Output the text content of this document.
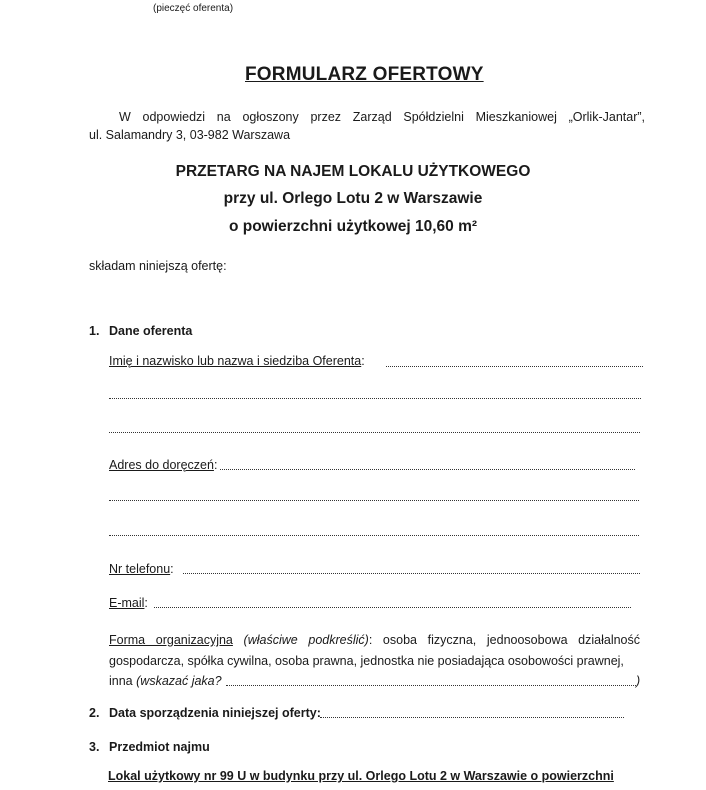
(pieczęć oferenta)
FORMULARZ OFERTOWY
W odpowiedzi na ogłoszony przez Zarząd Spółdzielni Mieszkaniowej „Orlik-Jantar”,
ul. Salamandry 3, 03-982 Warszawa
PRZETARG NA NAJEM LOKALU UŻYTKOWEGO
przy ul. Orlego Lotu 2 w Warszawie
o powierzchni użytkowej 10,60 m²
składam niniejszą ofertę:
1. Dane oferenta
Imię i nazwisko lub nazwa i siedziba Oferenta:
Adres do doręczeń:
Nr telefonu:
E-mail:
Forma organizacyjna (właściwe podkreślić): osoba fizyczna, jednoosobowa działalność
gospodarcza, spółka cywilna, osoba prawna, jednostka nie posiadająca osobowości prawnej,
inna (wskazać jaka?	)
2. Data sporządzenia niniejszej oferty:
3. Przedmiot najmu
Lokal użytkowy nr 99 U w budynku przy ul. Orlego Lotu 2 w Warszawie o powierzchni
